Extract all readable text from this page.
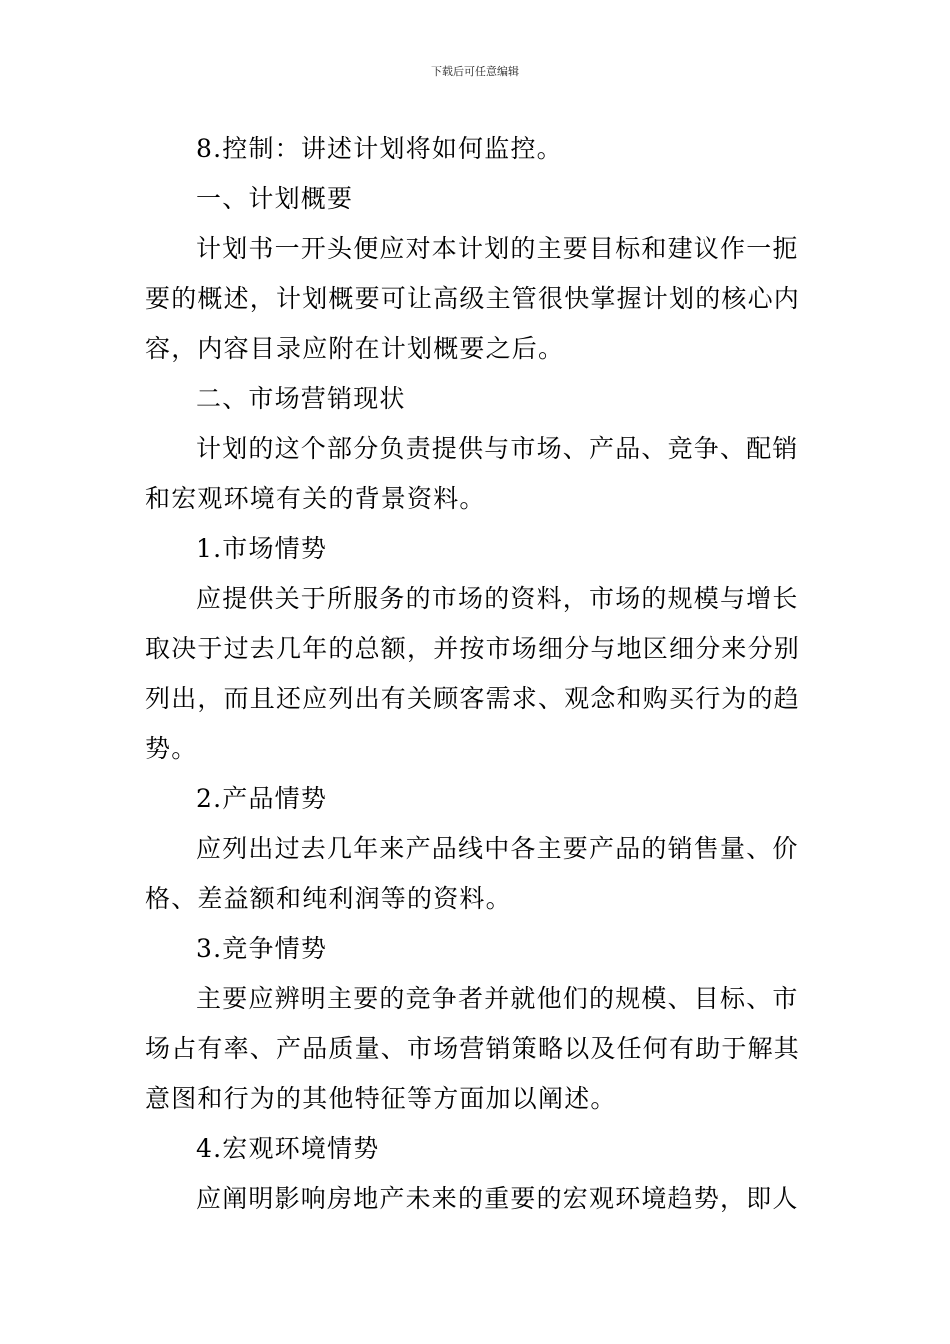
下载后可任意编辑
8.控制：讲述计划将如何监控。
一、计划概要
计划书一开头便应对本计划的主要目标和建议作一扼
要的概述，计划概要可让高级主管很快掌握计划的核心内
容，内容目录应附在计划概要之后。
二、市场营销现状
计划的这个部分负责提供与市场、产品、竞争、配销
和宏观环境有关的背景资料。
1.市场情势
应提供关于所服务的市场的资料，市场的规模与增长
取决于过去几年的总额，并按市场细分与地区细分来分别
列出，而且还应列出有关顾客需求、观念和购买行为的趋
势。
2.产品情势
应列出过去几年来产品线中各主要产品的销售量、价
格、差益额和纯利润等的资料。
3.竞争情势
主要应辨明主要的竞争者并就他们的规模、目标、市
场占有率、产品质量、市场营销策略以及任何有助于解其
意图和行为的其他特征等方面加以阐述。
4.宏观环境情势
应阐明影响房地产未来的重要的宏观环境趋势，即人
